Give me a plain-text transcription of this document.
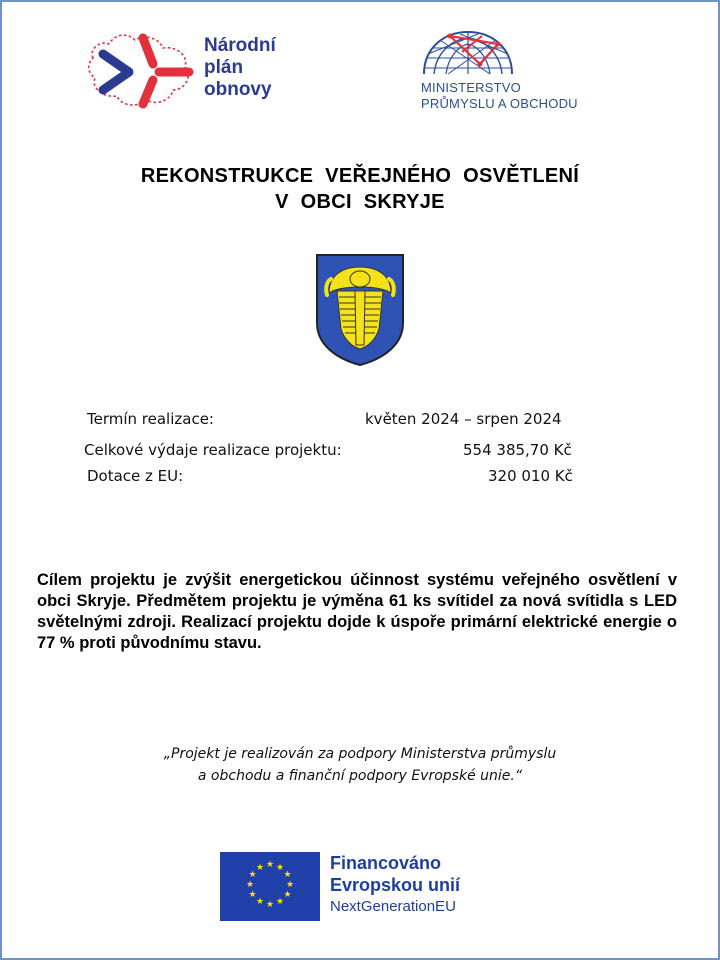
Národní
plán
obnovy	MINISTERSTVO
PRŮMYSLU A OBCHODU
REKONSTRUKCE VEŘEJNÉHO OSVĚTLENÍ
V OBCI SKRYJE
Termín realizace:	květen 2024 – srpen 2024
Celkové výdaje realizace projektu:	554 385,70 Kč
Dotace z EU:	320 010 Kč
Cílem projektu je zvýšit energetickou účinnost systému veřejného osvětlení v obci Skryje. Předmětem projektu je výměna 61 ks svítidel za nová svítidla s LED světelnými zdroji. Realizací projektu dojde k úspoře primární elektrické energie o 77 % proti původnímu stavu.
„Projekt je realizován za podpory Ministerstva průmyslu
a obchodu a finanční podpory Evropské unie.“
★ ★
★
★
★
★
★
★
★
★
★
★	Financováno
Evropskou unií
NextGenerationEU
